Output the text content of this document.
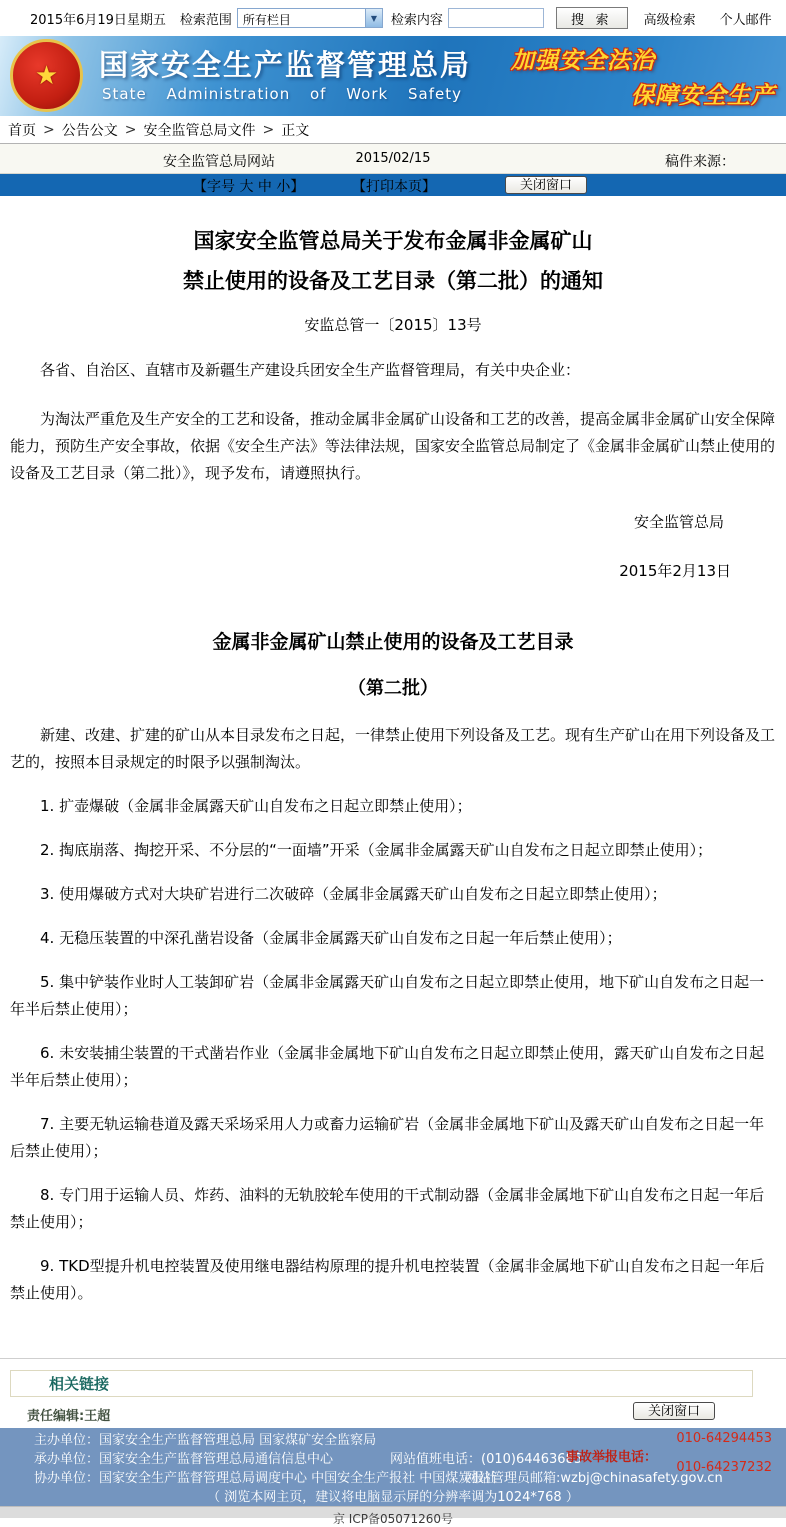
2015年6月19日星期五 检索范围 所有栏目	▼	检索内容	搜 索	高级检索 个人邮件
★ 国家安全生产监督管理总局
State Administration of Work Safety
加强安全法治
保障安全生产
首页 > 公告公文 > 安全监管总局文件 > 正文
安全监管总局网站	2015/02/15	稿件来源：
【字号 大 中 小】	【打印本页】	关闭窗口
国家安全监管总局关于发布金属非金属矿山
禁止使用的设备及工艺目录（第二批）的通知
安监总管一〔2015〕13号

各省、自治区、直辖市及新疆生产建设兵团安全生产监督管理局，有关中央企业：

为淘汰严重危及生产安全的工艺和设备，推动金属非金属矿山设备和工艺的改善，提高金属非金属矿山安全保障能力，预防生产安全事故，依据《安全生产法》等法律法规，国家安全监管总局制定了《金属非金属矿山禁止使用的设备及工艺目录（第二批）》，现予发布，请遵照执行。

安全监管总局

2015年2月13日

金属非金属矿山禁止使用的设备及工艺目录
（第二批）

新建、改建、扩建的矿山从本目录发布之日起，一律禁止使用下列设备及工艺。现有生产矿山在用下列设备及工艺的，按照本目录规定的时限予以强制淘汰。

1. 扩壶爆破（金属非金属露天矿山自发布之日起立即禁止使用）；

2. 掏底崩落、掏挖开采、不分层的“一面墙”开采（金属非金属露天矿山自发布之日起立即禁止使用）；

3. 使用爆破方式对大块矿岩进行二次破碎（金属非金属露天矿山自发布之日起立即禁止使用）；

4. 无稳压装置的中深孔凿岩设备（金属非金属露天矿山自发布之日起一年后禁止使用）；

5. 集中铲装作业时人工装卸矿岩（金属非金属露天矿山自发布之日起立即禁止使用，地下矿山自发布之日起一年半后禁止使用）；

6. 未安装捕尘装置的干式凿岩作业（金属非金属地下矿山自发布之日起立即禁止使用，露天矿山自发布之日起半年后禁止使用）；

7. 主要无轨运输巷道及露天采场采用人力或畜力运输矿岩（金属非金属地下矿山及露天矿山自发布之日起一年后禁止使用）；

8. 专门用于运输人员、炸药、油料的无轨胶轮车使用的干式制动器（金属非金属地下矿山自发布之日起一年后禁止使用）；

9. TKD型提升机电控装置及使用继电器结构原理的提升机电控装置（金属非金属地下矿山自发布之日起一年后禁止使用）。

相关链接
责任编辑:王超	关闭窗口
主办单位：国家安全生产监督管理总局 国家煤矿安全监察局
承办单位：国家安全生产监督管理总局通信信息中心	网站值班电话：(010)64463685
协办单位：国家安全生产监督管理总局调度中心 中国安全生产报社 中国煤炭报社
网站管理员邮箱:wzbj@chinasafety.gov.cn
（ 浏览本网主页，建议将电脑显示屏的分辨率调为1024*768 ）
事故举报电话：
010-64294453
010-64237232
京 ICP备05071260号
